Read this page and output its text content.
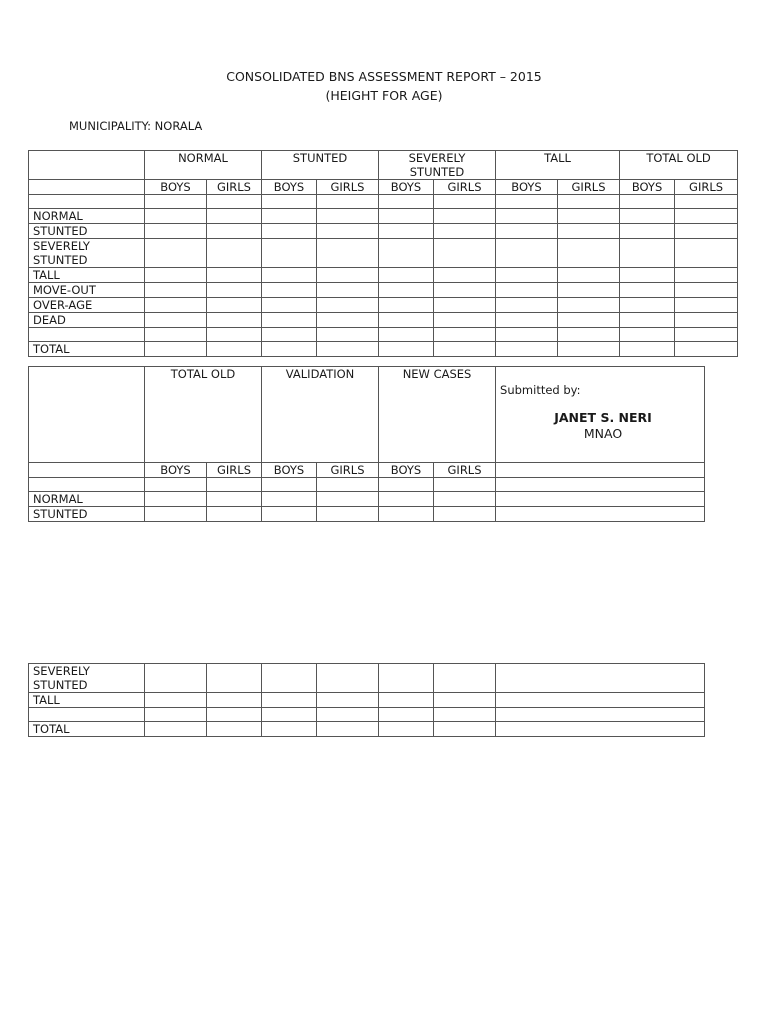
CONSOLIDATED BNS ASSESSMENT REPORT – 2015
(HEIGHT FOR AGE)
MUNICIPALITY: NORALA
	NORMAL		STUNTED		SEVERELY STUNTED		TALL		TOTAL OLD	
	BOYS	GIRLS	BOYS	GIRLS	BOYS	GIRLS	BOYS	GIRLS	BOYS	GIRLS

NORMAL										
STUNTED										
SEVERELY STUNTED										
TALL										
MOVE-OUT										
OVER-AGE										
DEAD										

TOTAL										
	TOTAL OLD		VALIDATION		NEW CASES		Submitted by:
JANET S. NERI
MNAO

	BOYS	GIRLS	BOYS	GIRLS	BOYS	GIRLS	

NORMAL							
STUNTED							
SEVERELY STUNTED							
TALL							

TOTAL							
